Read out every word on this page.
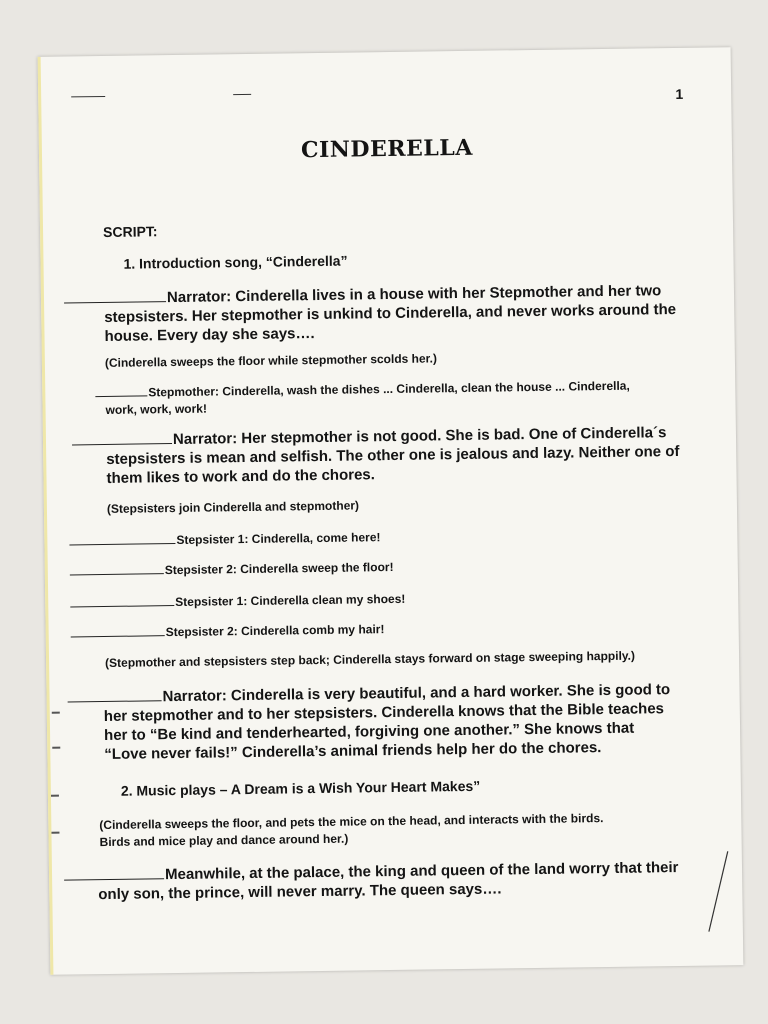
1
CINDERELLA
SCRIPT:
1. Introduction song, “Cinderella”
Narrator: Cinderella lives in a house with her Stepmother and her two
stepsisters. Her stepmother is unkind to Cinderella, and never works around the
house. Every day she says….
(Cinderella sweeps the floor while stepmother scolds her.)
Stepmother: Cinderella, wash the dishes ... Cinderella, clean the house ... Cinderella,
work, work, work!
Narrator: Her stepmother is not good. She is bad. One of Cinderella´s
stepsisters is mean and selfish. The other one is jealous and lazy. Neither one of
them likes to work and do the chores.
(Stepsisters join Cinderella and stepmother)
Stepsister 1: Cinderella, come here!
Stepsister 2: Cinderella sweep the floor!
Stepsister 1: Cinderella clean my shoes!
Stepsister 2: Cinderella comb my hair!
(Stepmother and stepsisters step back; Cinderella stays forward on stage sweeping happily.)
Narrator: Cinderella is very beautiful, and a hard worker. She is good to
her stepmother and to her stepsisters. Cinderella knows that the Bible teaches
her to “Be kind and tenderhearted, forgiving one another.” She knows that
“Love never fails!” Cinderella’s animal friends help her do the chores.
2. Music plays – A Dream is a Wish Your Heart Makes”
(Cinderella sweeps the floor, and pets the mice on the head, and interacts with the birds.
Birds and mice play and dance around her.)
Meanwhile, at the palace, the king and queen of the land worry that their
only son, the prince, will never marry. The queen says….
